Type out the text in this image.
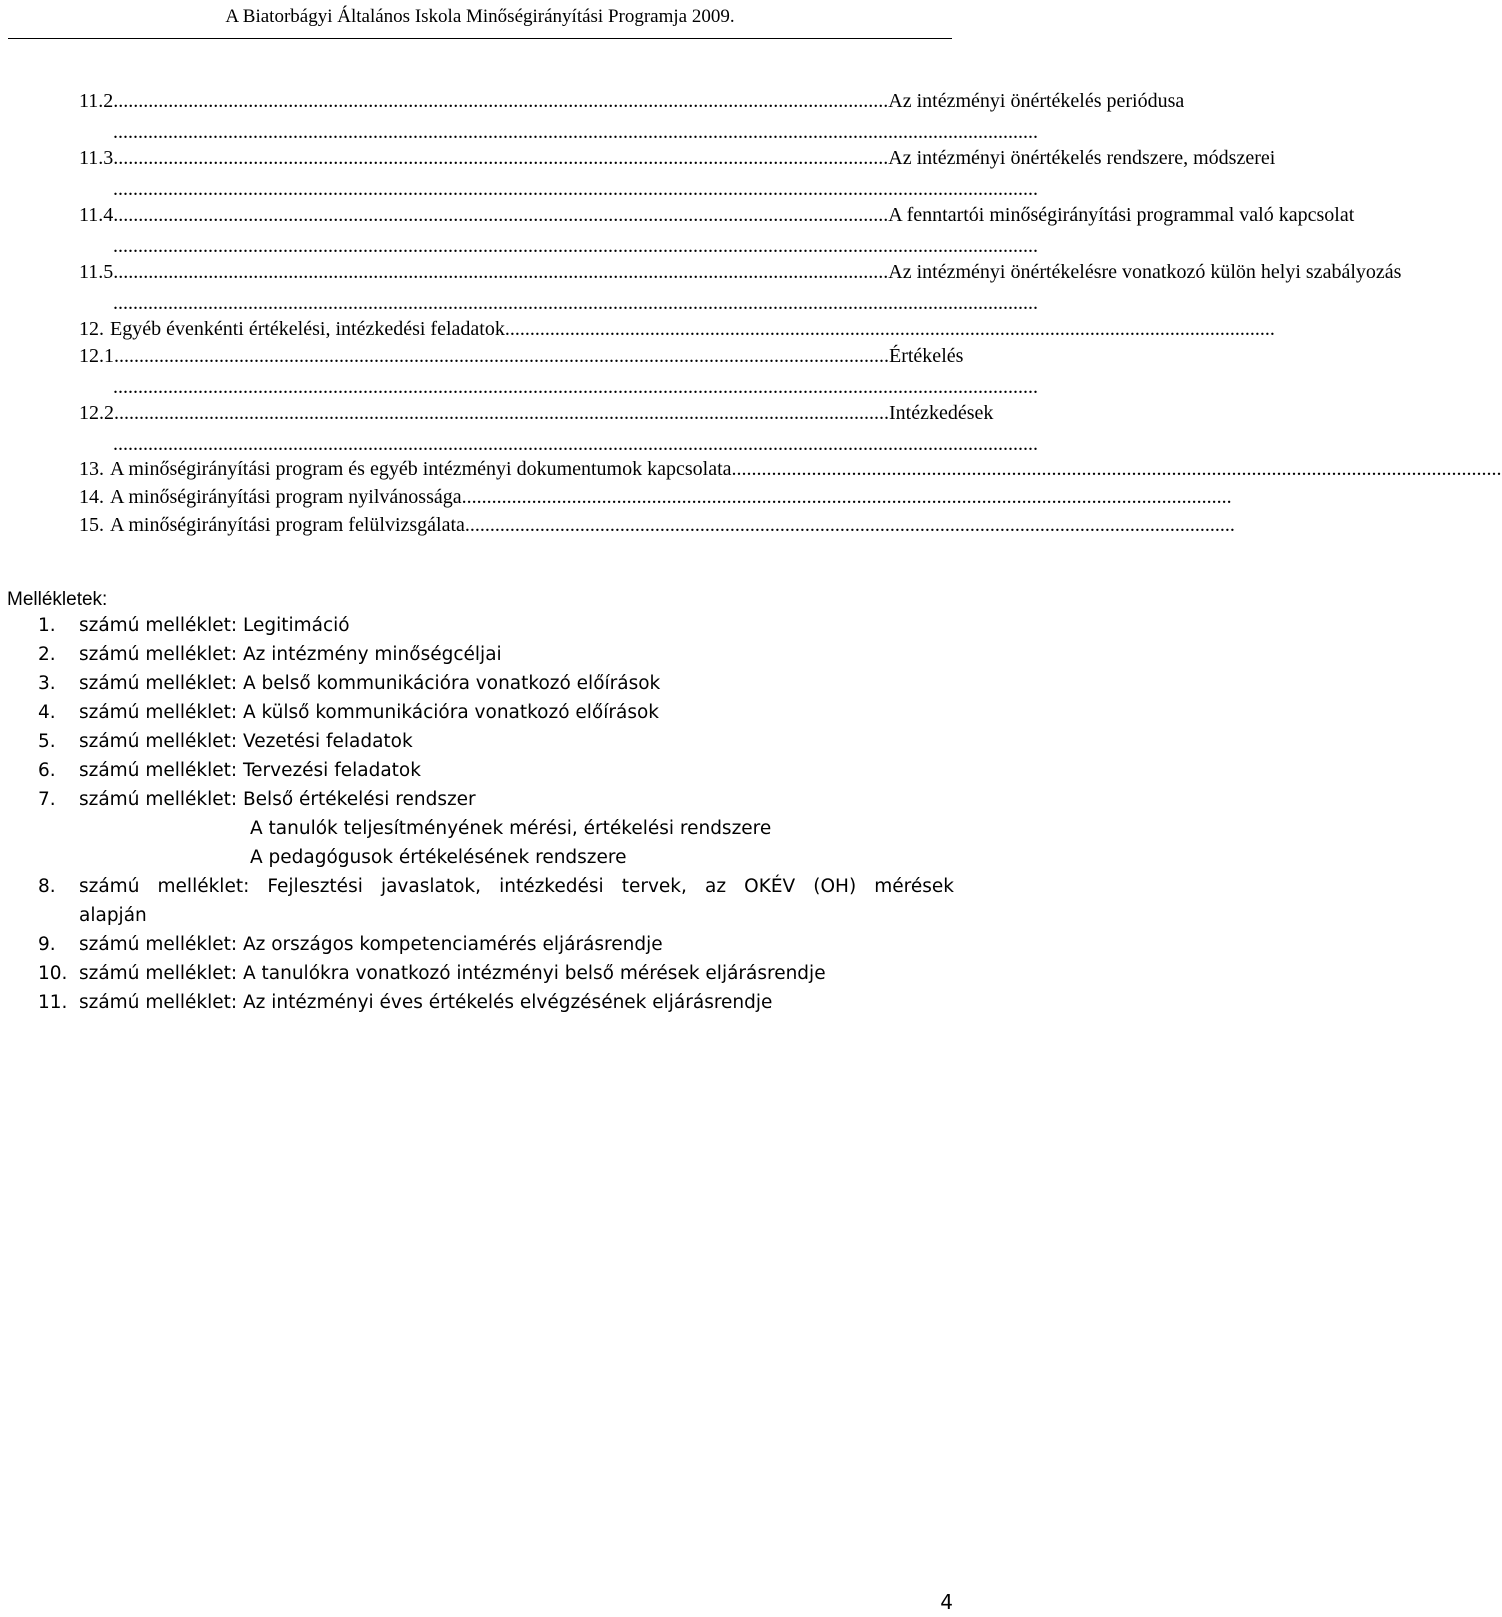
A Biatorbágyi Általános Iskola Minőségirányítási Programja 2009.
11.2. .......................................................................................................................................................... Az intézményi önértékelés periódusa
.........................................................................................................................................................................................
11.3. .......................................................................................................................................................... Az intézményi önértékelés rendszere, módszerei
.........................................................................................................................................................................................
11.4. .......................................................................................................................................................... A fenntartói minőségirányítási programmal való kapcsolat
.........................................................................................................................................................................................
11.5. .......................................................................................................................................................... Az intézményi önértékelésre vonatkozó külön helyi szabályozás
.........................................................................................................................................................................................
12. Egyéb évenkénti értékelési, intézkedési feladatok ..........................................................................................................................................................
12.1. .......................................................................................................................................................... Értékelés
.........................................................................................................................................................................................
12.2. .......................................................................................................................................................... Intézkedések
.........................................................................................................................................................................................
13. A minőségirányítási program és egyéb intézményi dokumentumok kapcsolata ..........................................................................................................................................................
14. A minőségirányítási program nyilvánossága ..........................................................................................................................................................
15. A minőségirányítási program felülvizsgálata ..........................................................................................................................................................
Mellékletek:
1. számú melléklet: Legitimáció
2. számú melléklet: Az intézmény minőségcéljai
3. számú melléklet: A belső kommunikációra vonatkozó előírások
4. számú melléklet: A külső kommunikációra vonatkozó előírások
5. számú melléklet: Vezetési feladatok
6. számú melléklet: Tervezési feladatok
7. számú melléklet: Belső értékelési rendszer
A tanulók teljesítményének mérési, értékelési rendszere
A pedagógusok értékelésének rendszere
8. számú melléklet: Fejlesztési javaslatok, intézkedési tervek, az OKÉV (OH) mérések
alapján
9. számú melléklet: Az országos kompetenciamérés eljárásrendje
10. számú melléklet: A tanulókra vonatkozó intézményi belső mérések eljárásrendje
11. számú melléklet: Az intézményi éves értékelés elvégzésének eljárásrendje
4
